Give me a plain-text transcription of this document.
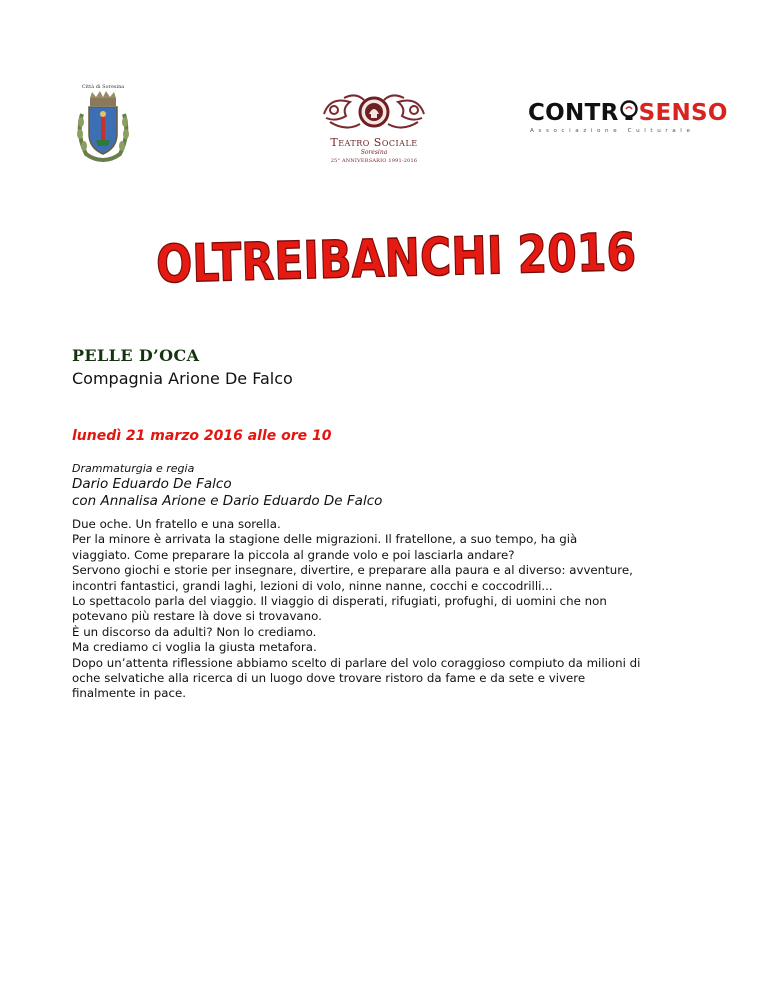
Città di Soresina
Teatro Sociale
Soresina
25° ANNIVERSARIO 1991-2016
CONTR SENSO
Associazione Culturale
OLTREIBANCHI 2016
PELLE D’OCA
Compagnia Arione De Falco
lunedì 21 marzo 2016 alle ore 10
Drammaturgia e regia
Dario Eduardo De Falco
con Annalisa Arione e Dario Eduardo De Falco

Due oche. Un fratello e una sorella.

Per la minore è arrivata la stagione delle migrazioni. Il fratellone, a suo tempo, ha già

viaggiato. Come preparare la piccola al grande volo e poi lasciarla andare?

Servono giochi e storie per insegnare, divertire, e preparare alla paura e al diverso: avventure,

incontri fantastici, grandi laghi, lezioni di volo, ninne nanne, cocchi e coccodrilli...

Lo spettacolo parla del viaggio. Il viaggio di disperati, rifugiati, profughi, di uomini che non

potevano più restare là dove si trovavano.

È un discorso da adulti? Non lo crediamo.

Ma crediamo ci voglia la giusta metafora.

Dopo un’attenta riflessione abbiamo scelto di parlare del volo coraggioso compiuto da milioni di

oche selvatiche alla ricerca di un luogo dove trovare ristoro da fame e da sete e vivere

finalmente in pace.
